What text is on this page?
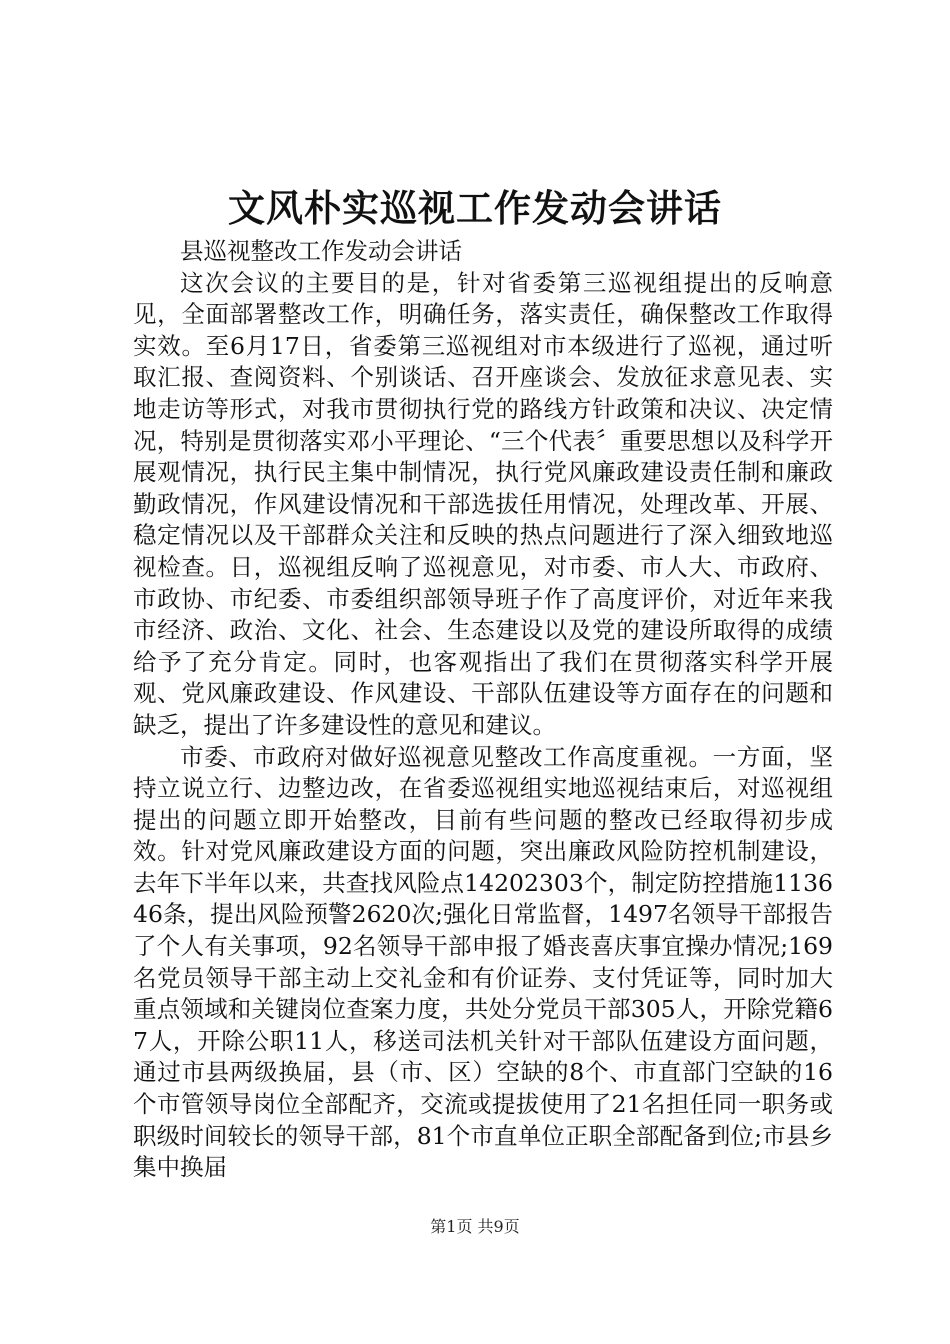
文风朴实巡视工作发动会讲话

县巡视整改工作发动会讲话

这次会议的主要目的是，针对省委第三巡视组提出的反响意见，全面部署整改工作，明确任务，落实责任，确保整改工作取得实效。至6月17日，省委第三巡视组对市本级进行了巡视，通过听取汇报、查阅资料、个别谈话、召开座谈会、发放征求意见表、实地走访等形式，对我市贯彻执行党的路线方针政策和决议、决定情况，特别是贯彻落实邓小平理论、“三个代表〞重要思想以及科学开展观情况，执行民主集中制情况，执行党风廉政建设责任制和廉政勤政情况，作风建设情况和干部选拔任用情况，处理改革、开展、稳定情况以及干部群众关注和反映的热点问题进行了深入细致地巡视检查。日，巡视组反响了巡视意见，对市委、市人大、市政府、市政协、市纪委、市委组织部领导班子作了高度评价，对近年来我市经济、政治、文化、社会、生态建设以及党的建设所取得的成绩给予了充分肯定。同时，也客观指出了我们在贯彻落实科学开展观、党风廉政建设、作风建设、干部队伍建设等方面存在的问题和缺乏，提出了许多建设性的意见和建议。

市委、市政府对做好巡视意见整改工作高度重视。一方面，坚持立说立行、边整边改，在省委巡视组实地巡视结束后，对巡视组提出的问题立即开始整改，目前有些问题的整改已经取得初步成效。针对党风廉政建设方面的问题，突出廉政风险防控机制建设，去年下半年以来，共查找风险点14202303个，制定防控措施113646条，提出风险预警2620次;强化日常监督，1497名领导干部报告了个人有关事项，92名领导干部申报了婚丧喜庆事宜操办情况;169名党员领导干部主动上交礼金和有价证券、支付凭证等，同时加大重点领域和关键岗位查案力度，共处分党员干部305人，开除党籍67人，开除公职11人，移送司法机关针对干部队伍建设方面问题，通过市县两级换届，县（市、区）空缺的8个、市直部门空缺的16个市管领导岗位全部配齐，交流或提拔使用了21名担任同一职务或职级时间较长的领导干部，81个市直单位正职全部配备到位;市县乡集中换届

第1页 共9页
